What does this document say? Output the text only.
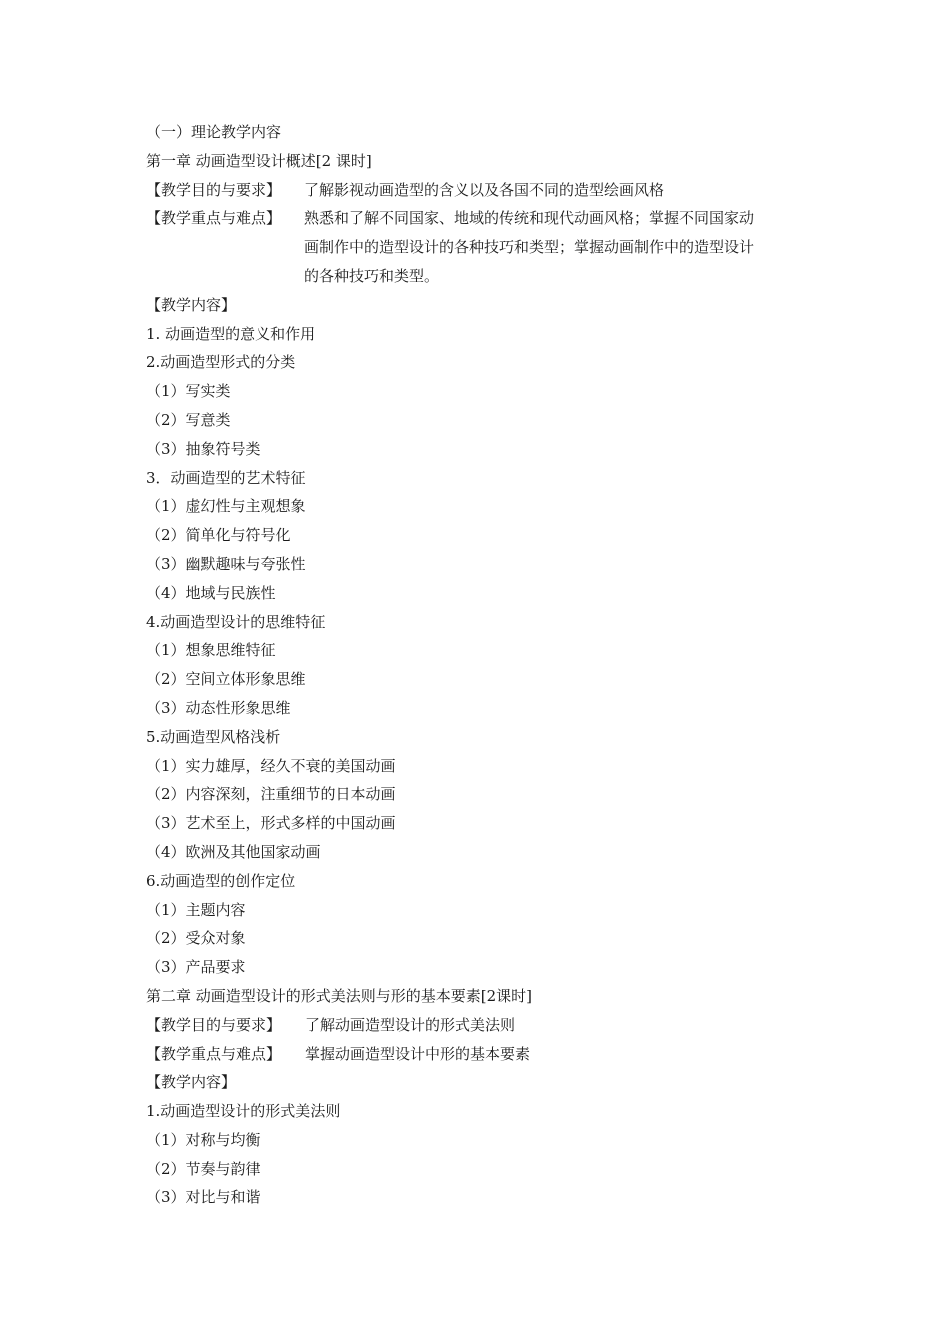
（一）理论教学内容
第一章 动画造型设计概述[2 课时]
【教学目的与要求】	了解影视动画造型的含义以及各国不同的造型绘画风格
【教学重点与难点】	熟悉和了解不同国家、地域的传统和现代动画风格；掌握不同国家动
画制作中的造型设计的各种技巧和类型；掌握动画制作中的造型设计
的各种技巧和类型。
【教学内容】
1. 动画造型的意义和作用
2.动画造型形式的分类
（1）写实类
（2）写意类
（3）抽象符号类
3．动画造型的艺术特征
（1）虚幻性与主观想象
（2）简单化与符号化
（3）幽默趣味与夸张性
（4）地域与民族性
4.动画造型设计的思维特征
（1）想象思维特征
（2）空间立体形象思维
（3）动态性形象思维
5.动画造型风格浅析
（1）实力雄厚，经久不衰的美国动画
（2）内容深刻，注重细节的日本动画
（3）艺术至上，形式多样的中国动画
（4）欧洲及其他国家动画
6.动画造型的创作定位
（1）主题内容
（2）受众对象
（3）产品要求
第二章 动画造型设计的形式美法则与形的基本要素[2课时]
【教学目的与要求】	了解动画造型设计的形式美法则
【教学重点与难点】	掌握动画造型设计中形的基本要素
【教学内容】
1.动画造型设计的形式美法则
（1）对称与均衡
（2）节奏与韵律
（3）对比与和谐
